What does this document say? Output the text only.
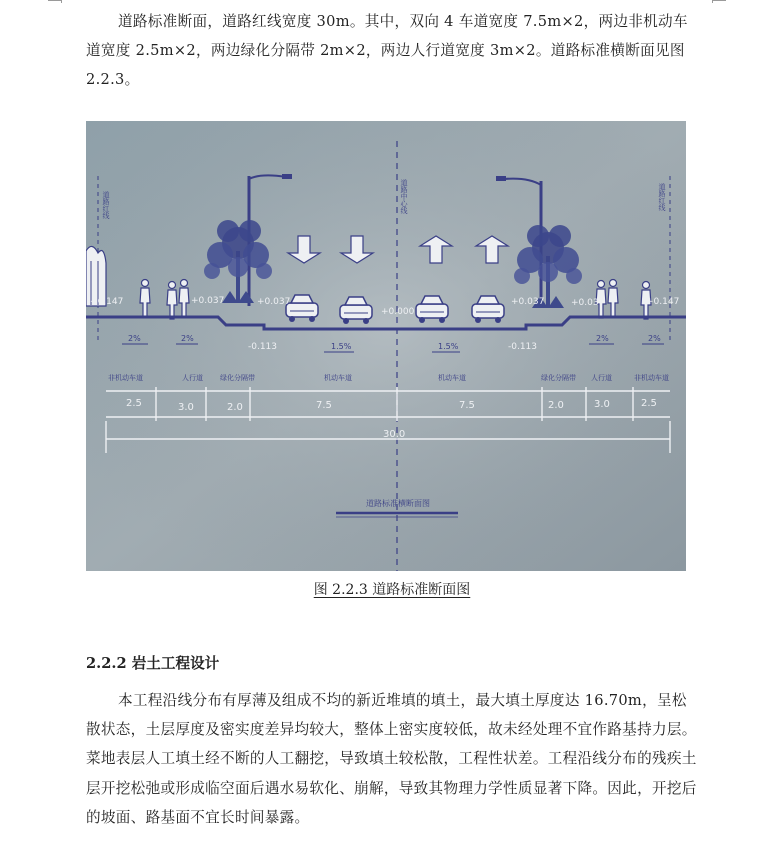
道路标准断面，道路红线宽度 30m。其中，双向 4 车道宽度 7.5m×2，两边非机动车道宽度 2.5m×2，两边绿化分隔带 2m×2，两边人行道宽度 3m×2。道路标准横断面见图 2.2.3。

道路红线	道路中心线	道路红线
+0.147	+0.037	+0.037
+0.000
+0.037	+0.037	+0.147
-0.113	-0.113
2%	2%
1.5%	1.5%
2%	2%
非机动车道	人行道 绿化分隔带	机动车道	机动车道	绿化分隔带 人行道	非机动车道
2.5	3.0	2.0	7.5	7.5	2.0	3.0	2.5
30.0
道路标准横断面图
图 2.2.3 道路标准断面图

2.2.2 岩土工程设计

本工程沿线分布有厚薄及组成不均的新近堆填的填土，最大填土厚度达 16.70m，呈松散状态，土层厚度及密实度差异均较大，整体上密实度较低，故未经处理不宜作路基持力层。菜地表层人工填土经不断的人工翻挖，导致填土较松散，工程性状差。工程沿线分布的残疾土层开挖松弛或形成临空面后遇水易软化、崩解，导致其物理力学性质显著下降。因此，开挖后的坡面、路基面不宜长时间暴露。
